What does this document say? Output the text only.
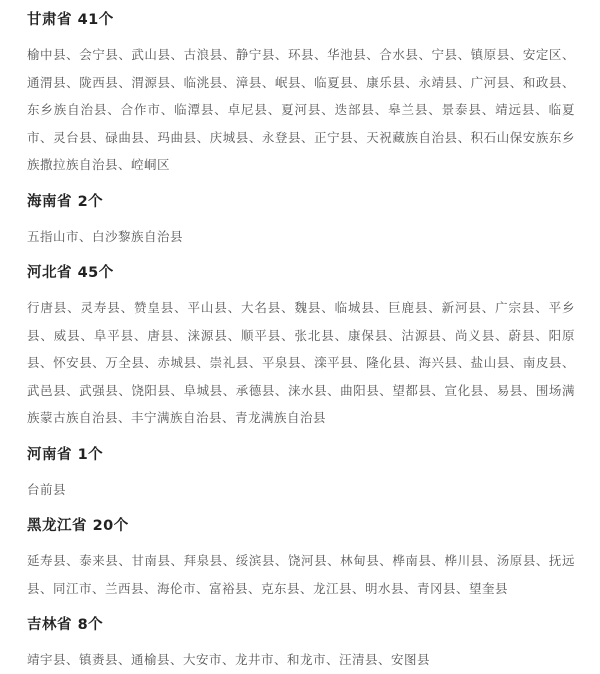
甘肃省 41个

榆中县、会宁县、武山县、古浪县、静宁县、环县、华池县、合水县、宁县、镇原县、安定区、通渭县、陇西县、渭源县、临洮县、漳县、岷县、临夏县、康乐县、永靖县、广河县、和政县、东乡族自治县、合作市、临潭县、卓尼县、夏河县、迭部县、皋兰县、景泰县、靖远县、临夏市、灵台县、碌曲县、玛曲县、庆城县、永登县、正宁县、天祝藏族自治县、积石山保安族东乡族撒拉族自治县、崆峒区

海南省 2个

五指山市、白沙黎族自治县

河北省 45个

行唐县、灵寿县、赞皇县、平山县、大名县、魏县、临城县、巨鹿县、新河县、广宗县、平乡县、威县、阜平县、唐县、涞源县、顺平县、张北县、康保县、沽源县、尚义县、蔚县、阳原县、怀安县、万全县、赤城县、崇礼县、平泉县、滦平县、隆化县、海兴县、盐山县、南皮县、武邑县、武强县、饶阳县、阜城县、承德县、涞水县、曲阳县、望都县、宣化县、易县、围场满族蒙古族自治县、丰宁满族自治县、青龙满族自治县

河南省 1个

台前县

黑龙江省 20个

延寿县、泰来县、甘南县、拜泉县、绥滨县、饶河县、林甸县、桦南县、桦川县、汤原县、抚远县、同江市、兰西县、海伦市、富裕县、克东县、龙江县、明水县、青冈县、望奎县

吉林省 8个

靖宇县、镇赉县、通榆县、大安市、龙井市、和龙市、汪清县、安图县
